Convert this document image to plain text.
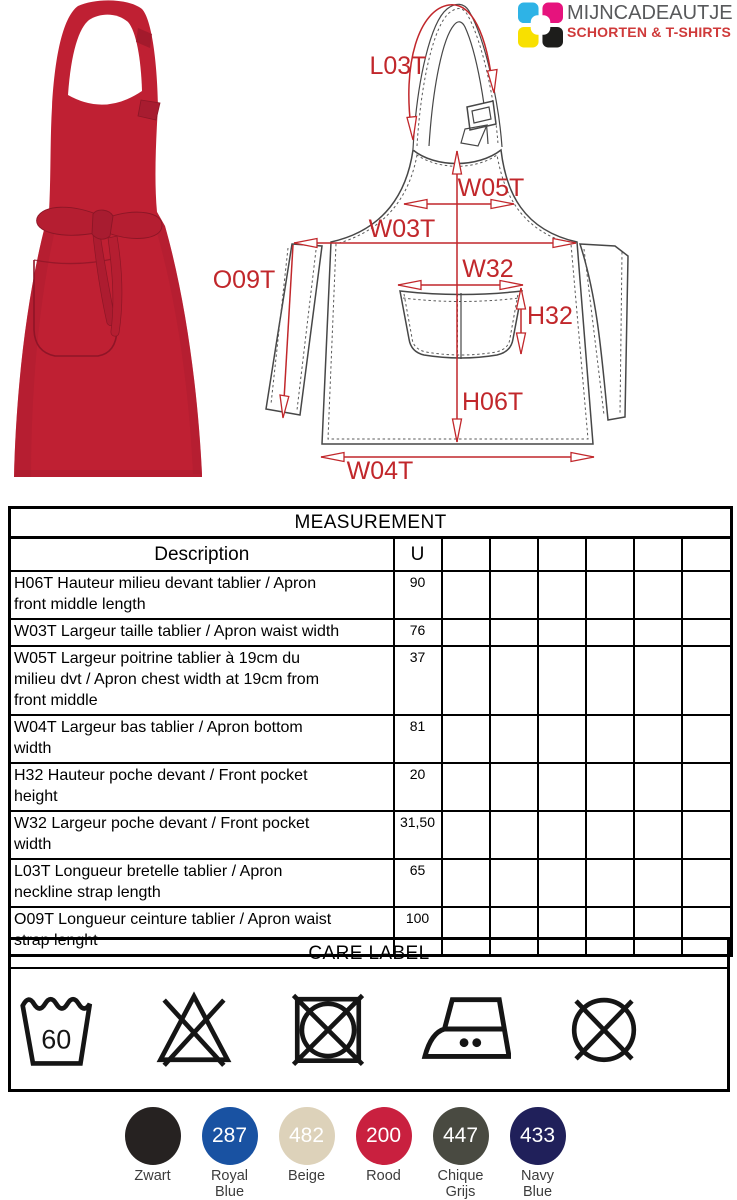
L03T
W05T
W03T
O09T	W32
H32
H06T
W04T
MIJNCADEAUTJE
SCHORTEN & T-SHIRTS
MEASUREMENT							
Description	U						
H06T Hauteur milieu devant tablier / Apron front middle length	90						
W03T Largeur taille tablier / Apron waist width	76						
W05T Largeur poitrine tablier à 19cm du milieu dvt / Apron chest width at 19cm from front middle	37						
W04T Largeur bas tablier / Apron bottom width	81						
H32 Hauteur poche devant / Front pocket height	20						
W32 Largeur poche devant / Front pocket width	31,50						
L03T Longueur bretelle tablier / Apron neckline strap length	65						
O09T Longueur ceinture tablier / Apron waist strap lenght	100						
CARE LABEL

60
Zwart
287
Royal
Blue
482
Beige
200
Rood
447
Chique
Grijs
433
Navy
Blue
